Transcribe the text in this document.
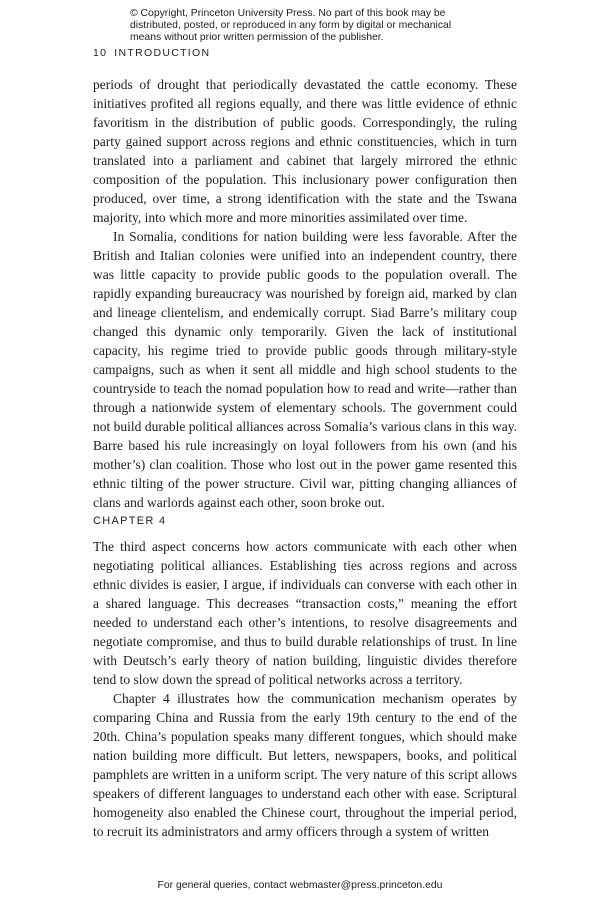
© Copyright, Princeton University Press. No part of this book may be
distributed, posted, or reproduced in any form by digital or mechanical
means without prior written permission of the publisher.
10 INTRODUCTION

periods of drought that periodically devastated the cattle economy. These initiatives profited all regions equally, and there was little evidence of ethnic favoritism in the distribution of public goods. Correspondingly, the ruling party gained support across regions and ethnic constituencies, which in turn translated into a parliament and cabinet that largely mirrored the ethnic composition of the population. This inclusionary power configuration then produced, over time, a strong identification with the state and the Tswana majority, into which more and more minorities assimilated over time.

In Somalia, conditions for nation building were less favorable. After the British and Italian colonies were unified into an independent country, there was little capacity to provide public goods to the population overall. The rapidly expanding bureaucracy was nourished by foreign aid, marked by clan and lineage clientelism, and endemically corrupt. Siad Barre’s military coup changed this dynamic only temporarily. Given the lack of institutional capacity, his regime tried to provide public goods through military-style campaigns, such as when it sent all middle and high school students to the countryside to teach the nomad population how to read and write—rather than through a nationwide system of elementary schools. The government could not build durable political alliances across Somalia’s various clans in this way. Barre based his rule increasingly on loyal followers from his own (and his mother’s) clan coalition. Those who lost out in the power game resented this ethnic tilting of the power structure. Civil war, pitting changing alliances of clans and warlords against each other, soon broke out.

CHAPTER 4

The third aspect concerns how actors communicate with each other when negotiating political alliances. Establishing ties across regions and across ethnic divides is easier, I argue, if individuals can converse with each other in a shared language. This decreases “transaction costs,” meaning the effort needed to understand each other’s intentions, to resolve disagreements and negotiate compromise, and thus to build durable relationships of trust. In line with Deutsch’s early theory of nation building, linguistic divides therefore tend to slow down the spread of political networks across a territory.

Chapter 4 illustrates how the communication mechanism operates by comparing China and Russia from the early 19th century to the end of the 20th. China’s population speaks many different tongues, which should make nation building more difficult. But letters, newspapers, books, and political pamphlets are written in a uniform script. The very nature of this script allows speakers of different languages to understand each other with ease. Scriptural homogeneity also enabled the Chinese court, throughout the imperial period, to recruit its administrators and army officers through a system of written

For general queries, contact webmaster@press.princeton.edu
